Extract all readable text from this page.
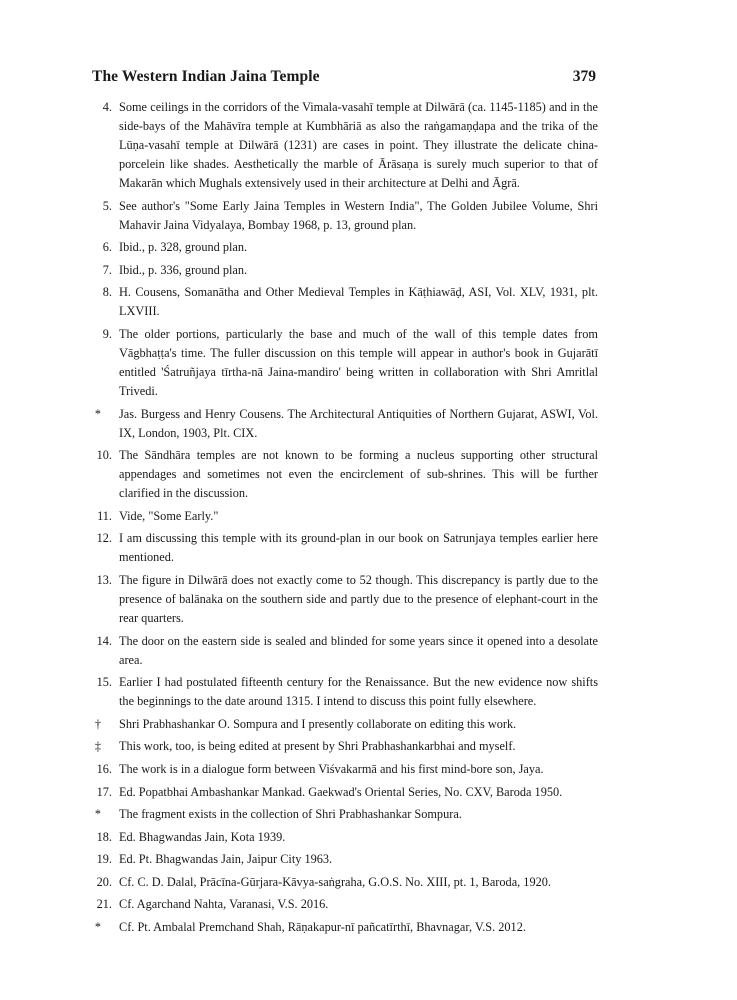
The Western Indian Jaina Temple	379
4. Some ceilings in the corridors of the Vimala-vasahī temple at Dilwārā (ca. 1145-1185) and in the side-bays of the Mahāvīra temple at Kumbhāriā as also the raṅgamaṇḍapa and the trika of the Lūṇa-vasahī temple at Dilwārā (1231) are cases in point. They illustrate the delicate china-porcelein like shades. Aesthetically the marble of Ārāsaṇa is surely much superior to that of Makarān which Mughals extensively used in their architecture at Delhi and Āgrā.
5. See author's "Some Early Jaina Temples in Western India", The Golden Jubilee Volume, Shri Mahavir Jaina Vidyalaya, Bombay 1968, p. 13, ground plan.
6. Ibid., p. 328, ground plan.
7. Ibid., p. 336, ground plan.
8. H. Cousens, Somanātha and Other Medieval Temples in Kāṭhiawāḍ, ASI, Vol. XLV, 1931, plt. LXVIII.
9. The older portions, particularly the base and much of the wall of this temple dates from Vāgbhaṭṭa's time. The fuller discussion on this temple will appear in author's book in Gujarātī entitled 'Śatruñjaya tīrtha-nā Jaina-mandiro' being written in collaboration with Shri Amritlal Trivedi.
*	Jas. Burgess and Henry Cousens. The Architectural Antiquities of Northern Gujarat, ASWI, Vol. IX, London, 1903, Plt. CIX.
10. The Sāndhāra temples are not known to be forming a nucleus supporting other structural appendages and sometimes not even the encirclement of sub-shrines. This will be further clarified in the discussion.
11. Vide, "Some Early."
12. I am discussing this temple with its ground-plan in our book on Satrunjaya temples earlier here mentioned.
13. The figure in Dilwārā does not exactly come to 52 though. This discrepancy is partly due to the presence of balānaka on the southern side and partly due to the presence of elephant-court in the rear quarters.
14. The door on the eastern side is sealed and blinded for some years since it opened into a desolate area.
15. Earlier I had postulated fifteenth century for the Renaissance. But the new evidence now shifts the beginnings to the date around 1315. I intend to discuss this point fully elsewhere.
†	Shri Prabhashankar O. Sompura and I presently collaborate on editing this work.
‡	This work, too, is being edited at present by Shri Prabhashankarbhai and myself.
16. The work is in a dialogue form between Viśvakarmā and his first mind-bore son, Jaya.
17. Ed. Popatbhai Ambashankar Mankad. Gaekwad's Oriental Series, No. CXV, Baroda 1950.
*	The fragment exists in the collection of Shri Prabhashankar Sompura.
18. Ed. Bhagwandas Jain, Kota 1939.
19. Ed. Pt. Bhagwandas Jain, Jaipur City 1963.
20. Cf. C. D. Dalal, Prācīna-Gūrjara-Kāvya-saṅgraha, G.O.S. No. XIII, pt. 1, Baroda, 1920.
21. Cf. Agarchand Nahta, Varanasi, V.S. 2016.
*	Cf. Pt. Ambalal Premchand Shah, Rāṇakapur-nī pañcatīrthī, Bhavnagar, V.S. 2012.
